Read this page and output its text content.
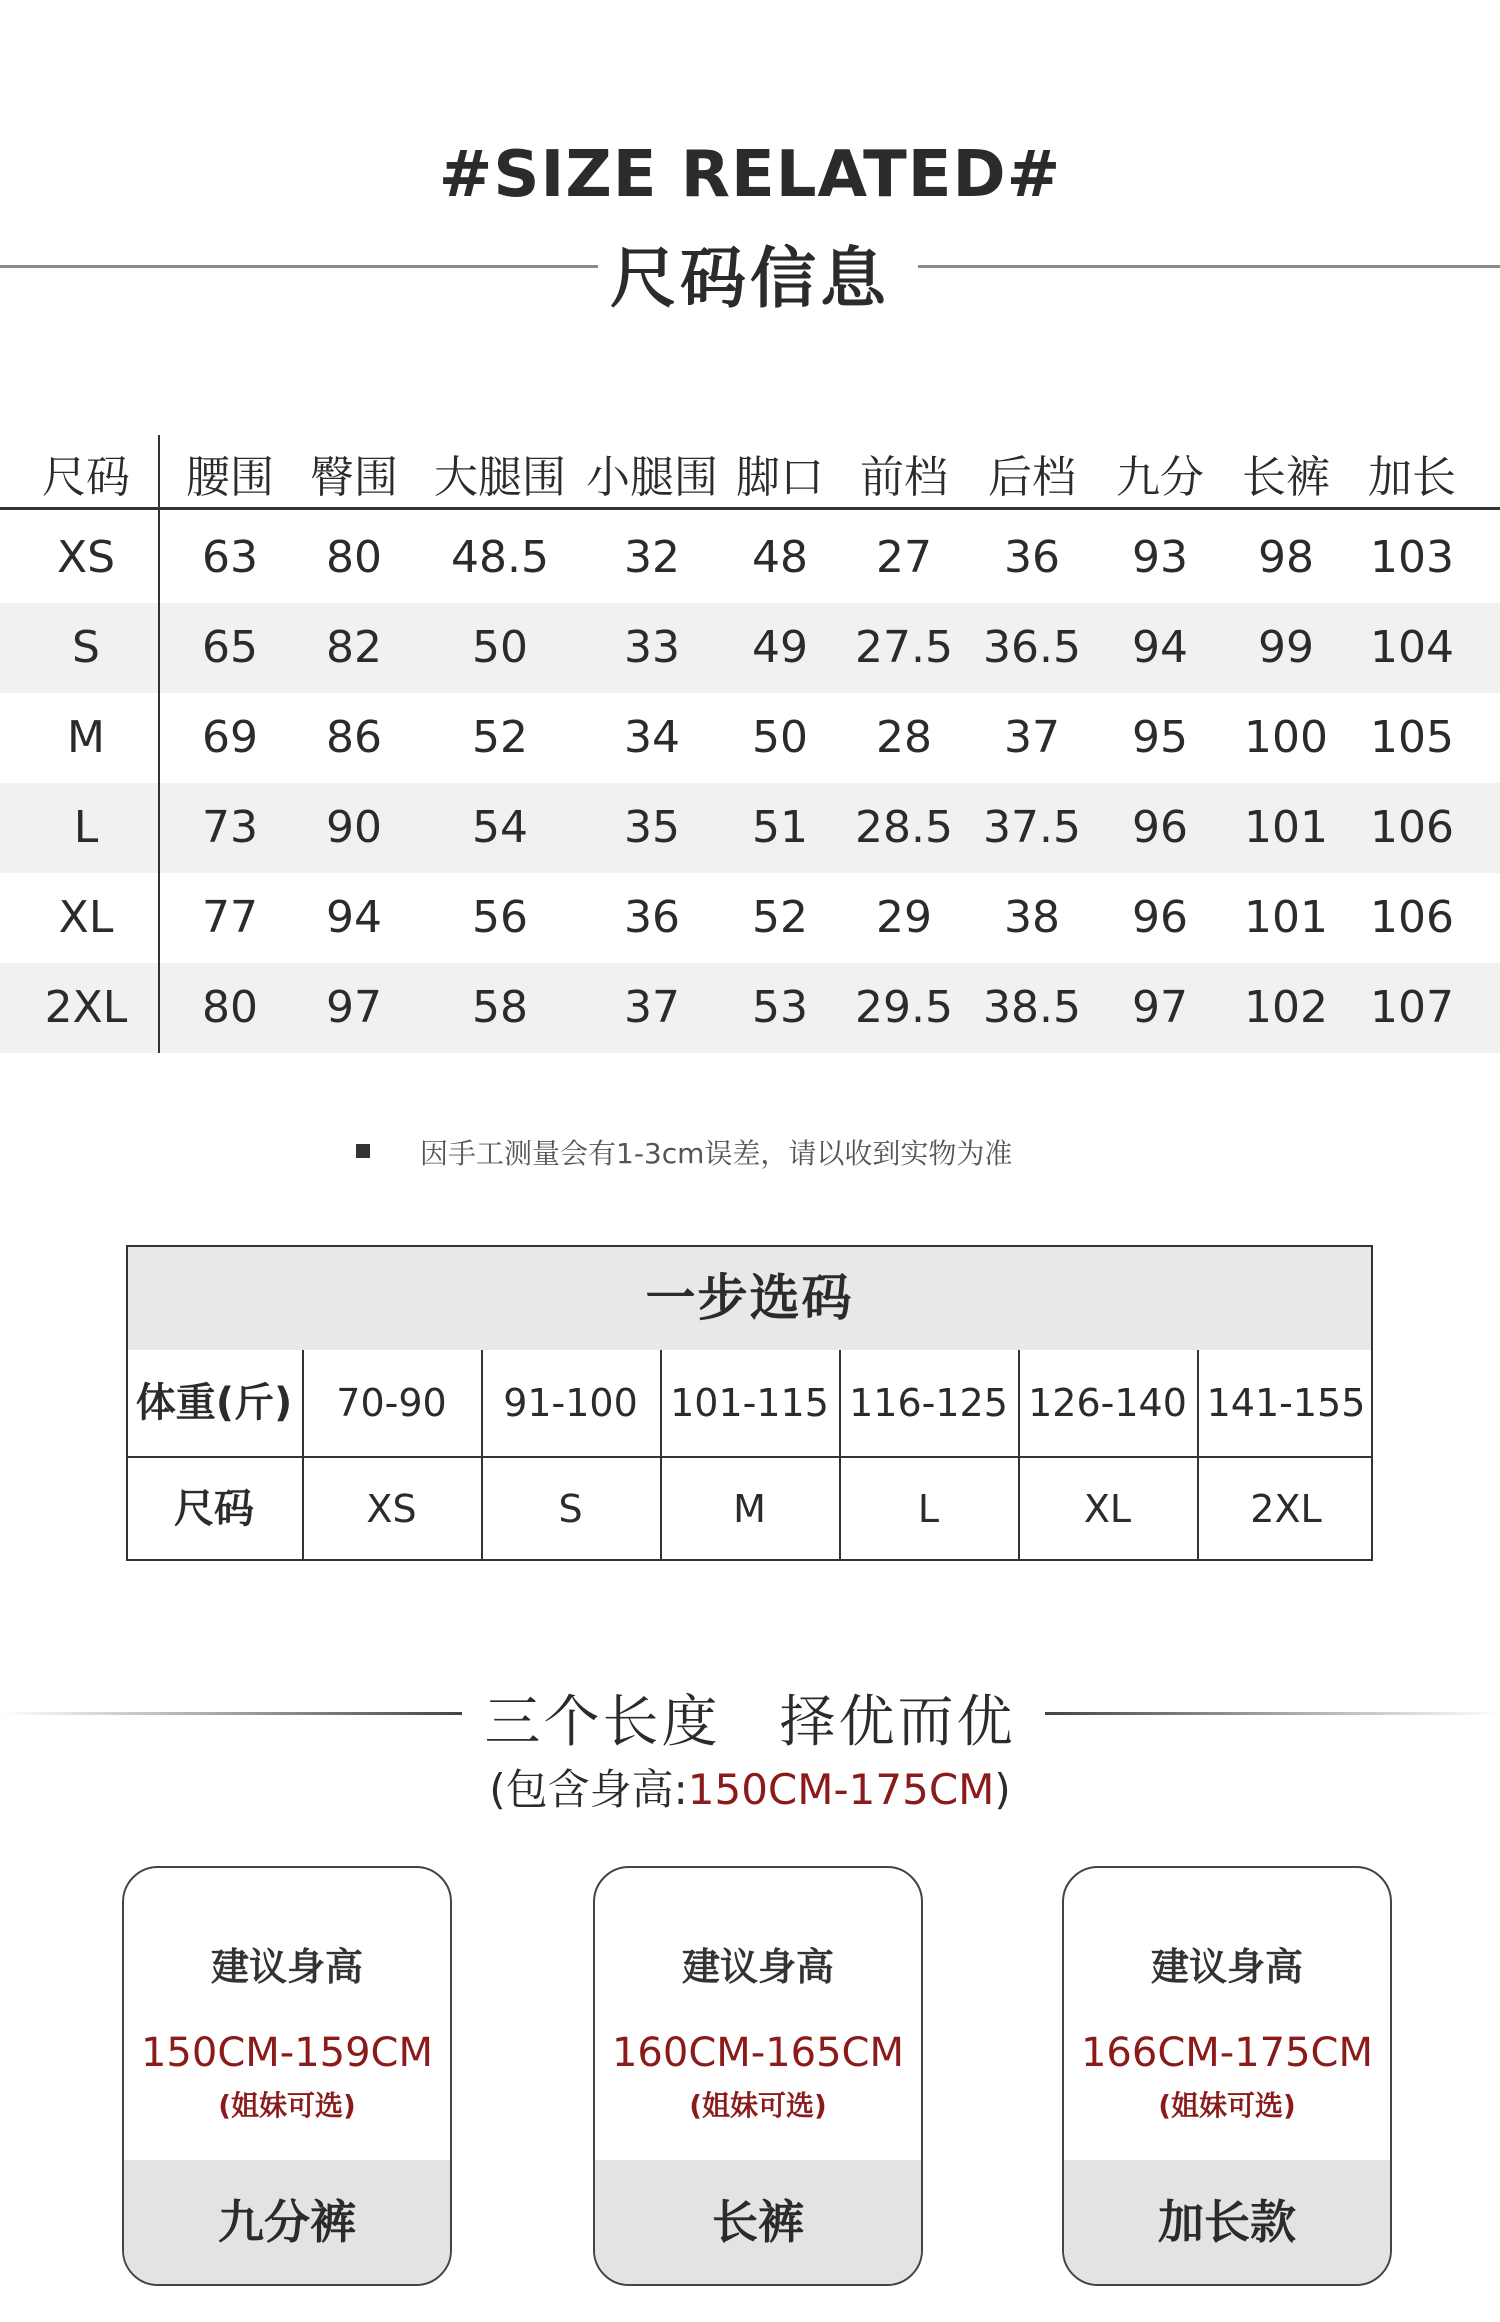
#SIZE RELATED#
尺码信息
尺码 腰围 臀围 大腿围 小腿围 脚口 前档 后档 九分 长裤 加长
XS 63 80 48.5 32 48 27 36 93 98 103
S 65 82 50 33 49 27.5 36.5 94 99 104
M 69 86 52 34 50 28 37 95 100 105
L 73 90 54 35 51 28.5 37.5 96 101 106
XL 77 94 56 36 52 29 38 96 101 106
2XL 80 97 58 37 53 29.5 38.5 97 102 107
因手工测量会有1-3cm误差，请以收到实物为准
一步选码
体重(斤)	70-90	91-100 101-115 116-125 126-140 141-155
尺码	XS	S	M	L	XL	2XL
三个长度　择优而优
(包含身高:150CM-175CM)
建议身高
150CM-159CM
(姐妹可选)
九分裤
建议身高
160CM-165CM
(姐妹可选)
长裤
建议身高
166CM-175CM
(姐妹可选)
加长款
